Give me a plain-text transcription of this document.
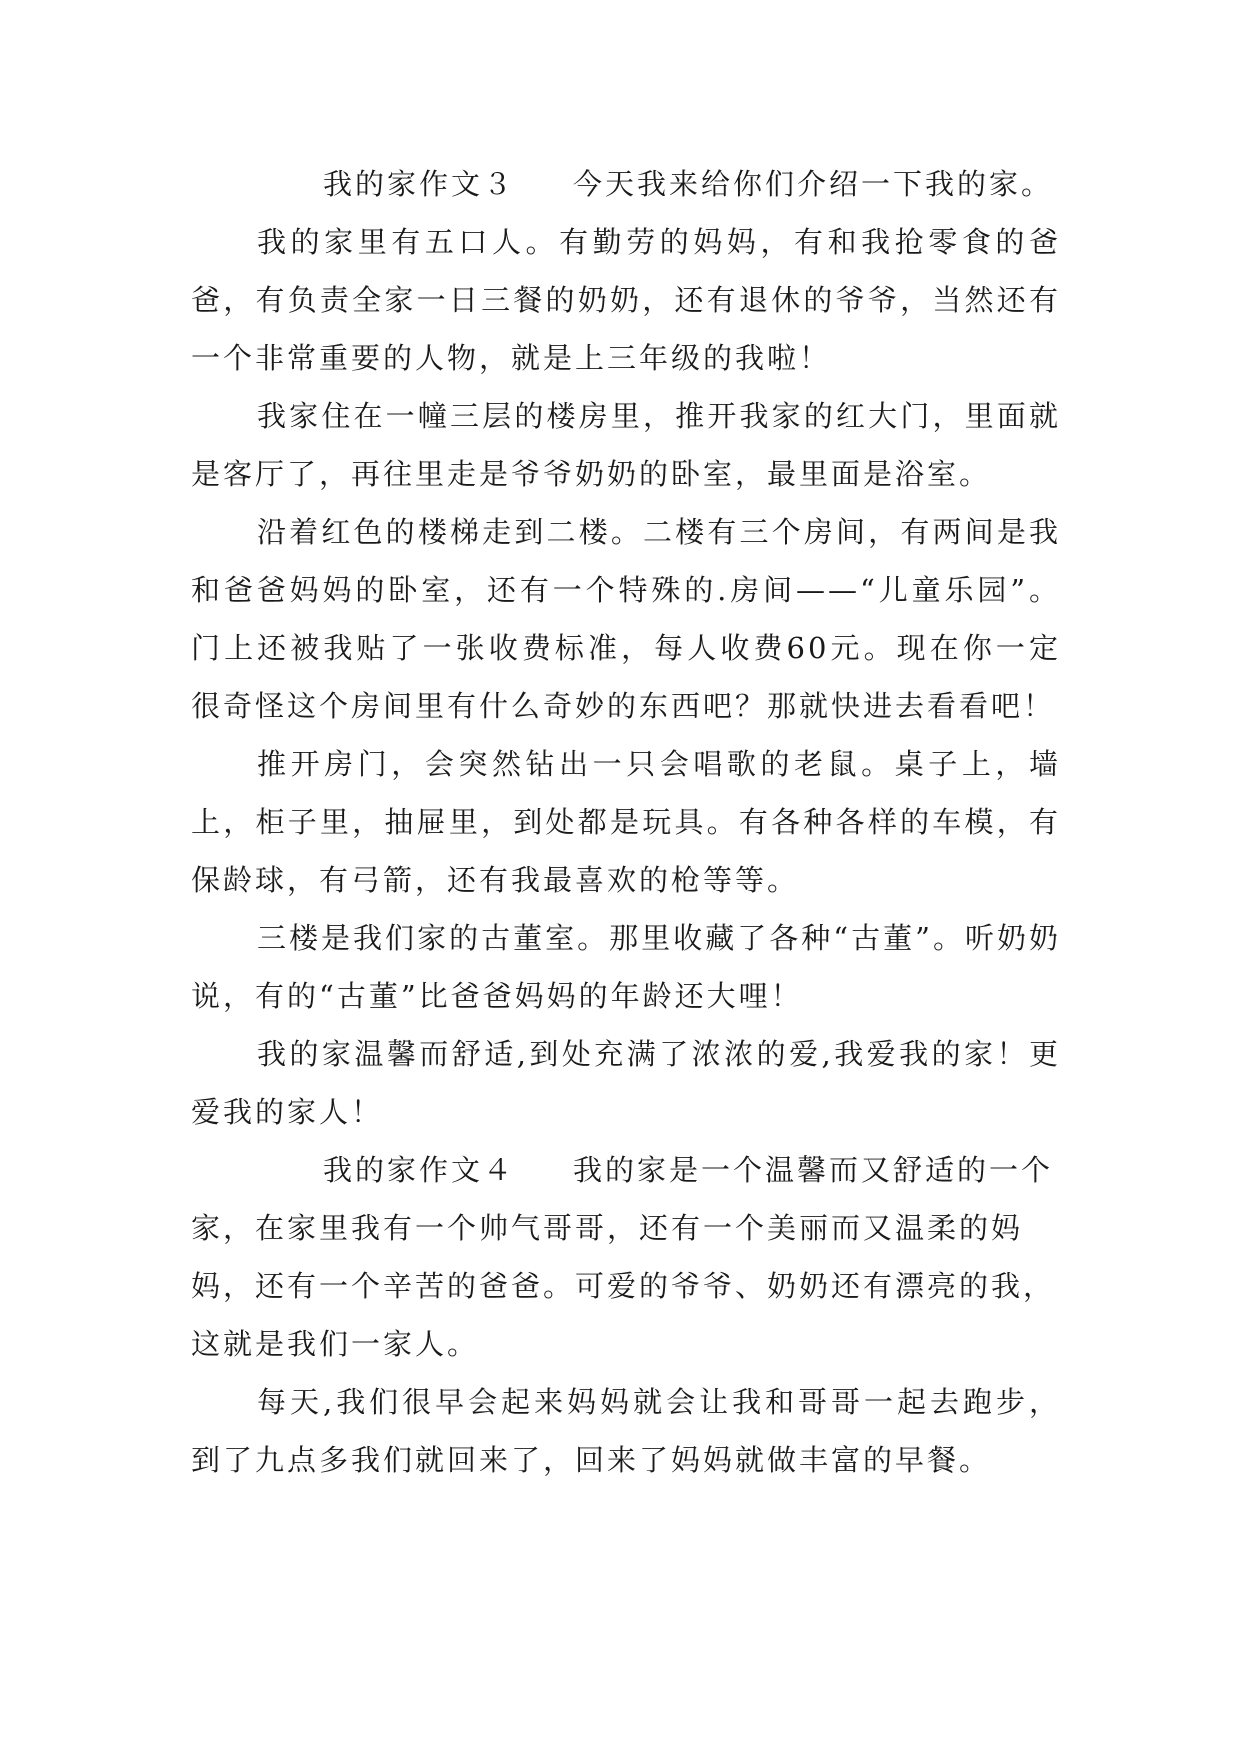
我的家作文３ 今天我来给你们介绍一下我的家。

我的家里有五口人。有勤劳的妈妈，有和我抢零食的爸爸，有负责全家一日三餐的奶奶，还有退休的爷爷，当然还有一个非常重要的人物，就是上三年级的我啦！

我家住在一幢三层的楼房里，推开我家的红大门，里面就是客厅了，再往里走是爷爷奶奶的卧室，最里面是浴室。

沿着红色的楼梯走到二楼。二楼有三个房间，有两间是我和爸爸妈妈的卧室，还有一个特殊的.房间——“儿童乐园”。门上还被我贴了一张收费标准，每人收费60元。现在你一定很奇怪这个房间里有什么奇妙的东西吧？那就快进去看看吧！

推开房门，会突然钻出一只会唱歌的老鼠。桌子上，墙上，柜子里，抽屉里，到处都是玩具。有各种各样的车模，有保龄球，有弓箭，还有我最喜欢的枪等等。

三楼是我们家的古董室。那里收藏了各种“古董”。听奶奶说，有的“古董”比爸爸妈妈的年龄还大哩！

我的家温馨而舒适,到处充满了浓浓的爱,我爱我的家！更爱我的家人！

我的家作文４ 我的家是一个温馨而又舒适的一个家，在家里我有一个帅气哥哥，还有一个美丽而又温柔的妈妈，还有一个辛苦的爸爸。可爱的爷爷、奶奶还有漂亮的我，这就是我们一家人。

每天,我们很早会起来妈妈就会让我和哥哥一起去跑步，到了九点多我们就回来了，回来了妈妈就做丰富的早餐。
